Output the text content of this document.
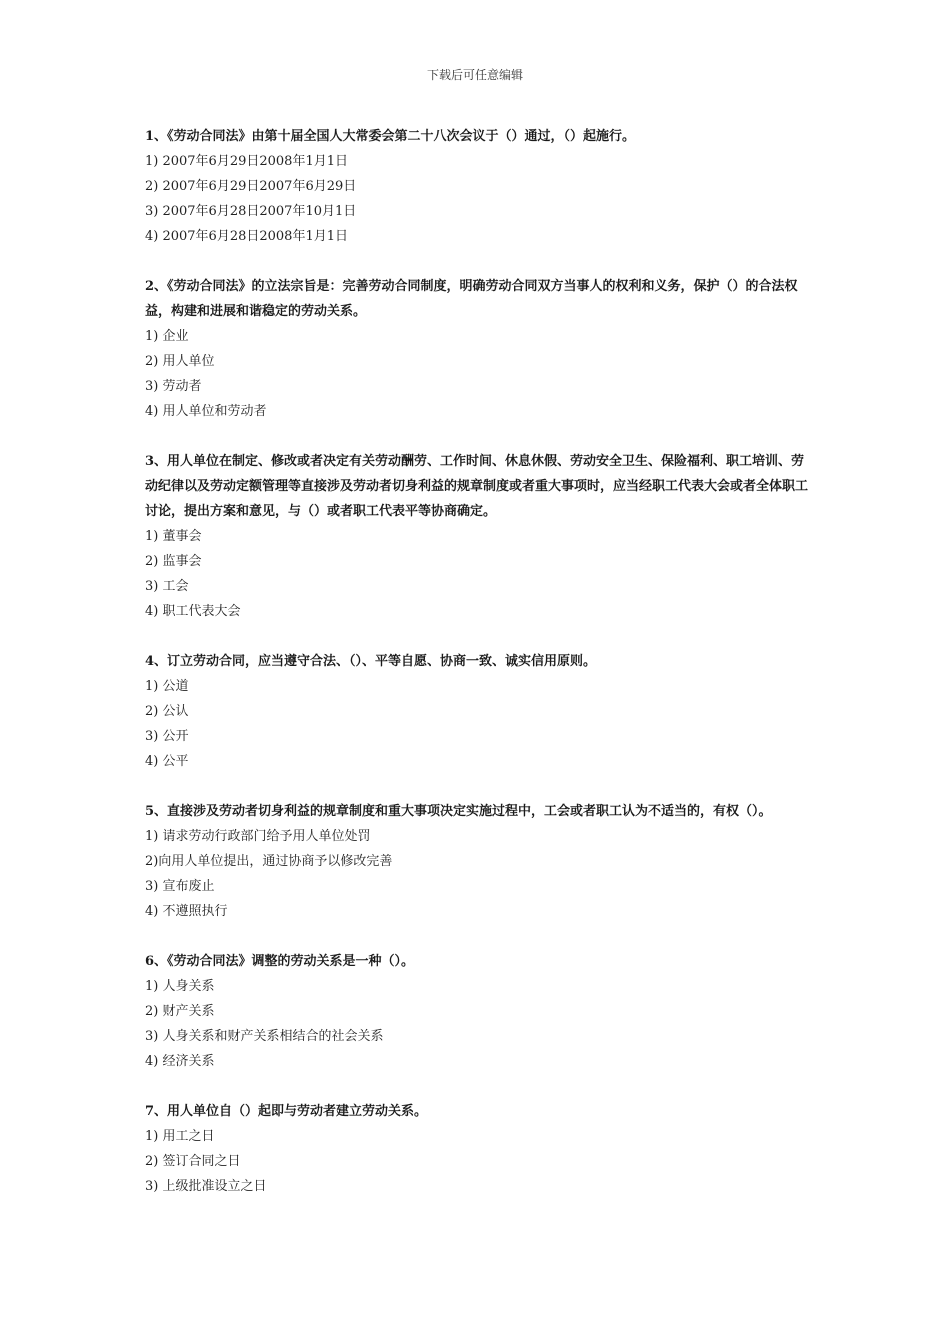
下载后可任意编辑

1、《劳动合同法》由第十届全国人大常委会第二十八次会议于（）通过，（）起施行。

1) 2007年6月29日2008年1月1日

2) 2007年6月29日2007年6月29日

3) 2007年6月28日2007年10月1日

4) 2007年6月28日2008年1月1日

2、《劳动合同法》的立法宗旨是：完善劳动合同制度，明确劳动合同双方当事人的权利和义务，保护（）的合法权益，构建和进展和谐稳定的劳动关系。

1) 企业

2) 用人单位

3) 劳动者

4) 用人单位和劳动者

3、用人单位在制定、修改或者决定有关劳动酬劳、工作时间、休息休假、劳动安全卫生、保险福利、职工培训、劳动纪律以及劳动定额管理等直接涉及劳动者切身利益的规章制度或者重大事项时，应当经职工代表大会或者全体职工讨论，提出方案和意见，与（）或者职工代表平等协商确定。

1) 董事会

2) 监事会

3) 工会

4) 职工代表大会

4、订立劳动合同，应当遵守合法、（）、平等自愿、协商一致、诚实信用原则。

1) 公道

2) 公认

3) 公开

4) 公平

5、直接涉及劳动者切身利益的规章制度和重大事项决定实施过程中，工会或者职工认为不适当的，有权（）。

1) 请求劳动行政部门给予用人单位处罚

2)向用人单位提出，通过协商予以修改完善

3) 宣布废止

4) 不遵照执行

6、《劳动合同法》调整的劳动关系是一种（）。

1) 人身关系

2) 财产关系

3) 人身关系和财产关系相结合的社会关系

4) 经济关系

7、用人单位自（）起即与劳动者建立劳动关系。

1) 用工之日

2) 签订合同之日

3) 上级批准设立之日
